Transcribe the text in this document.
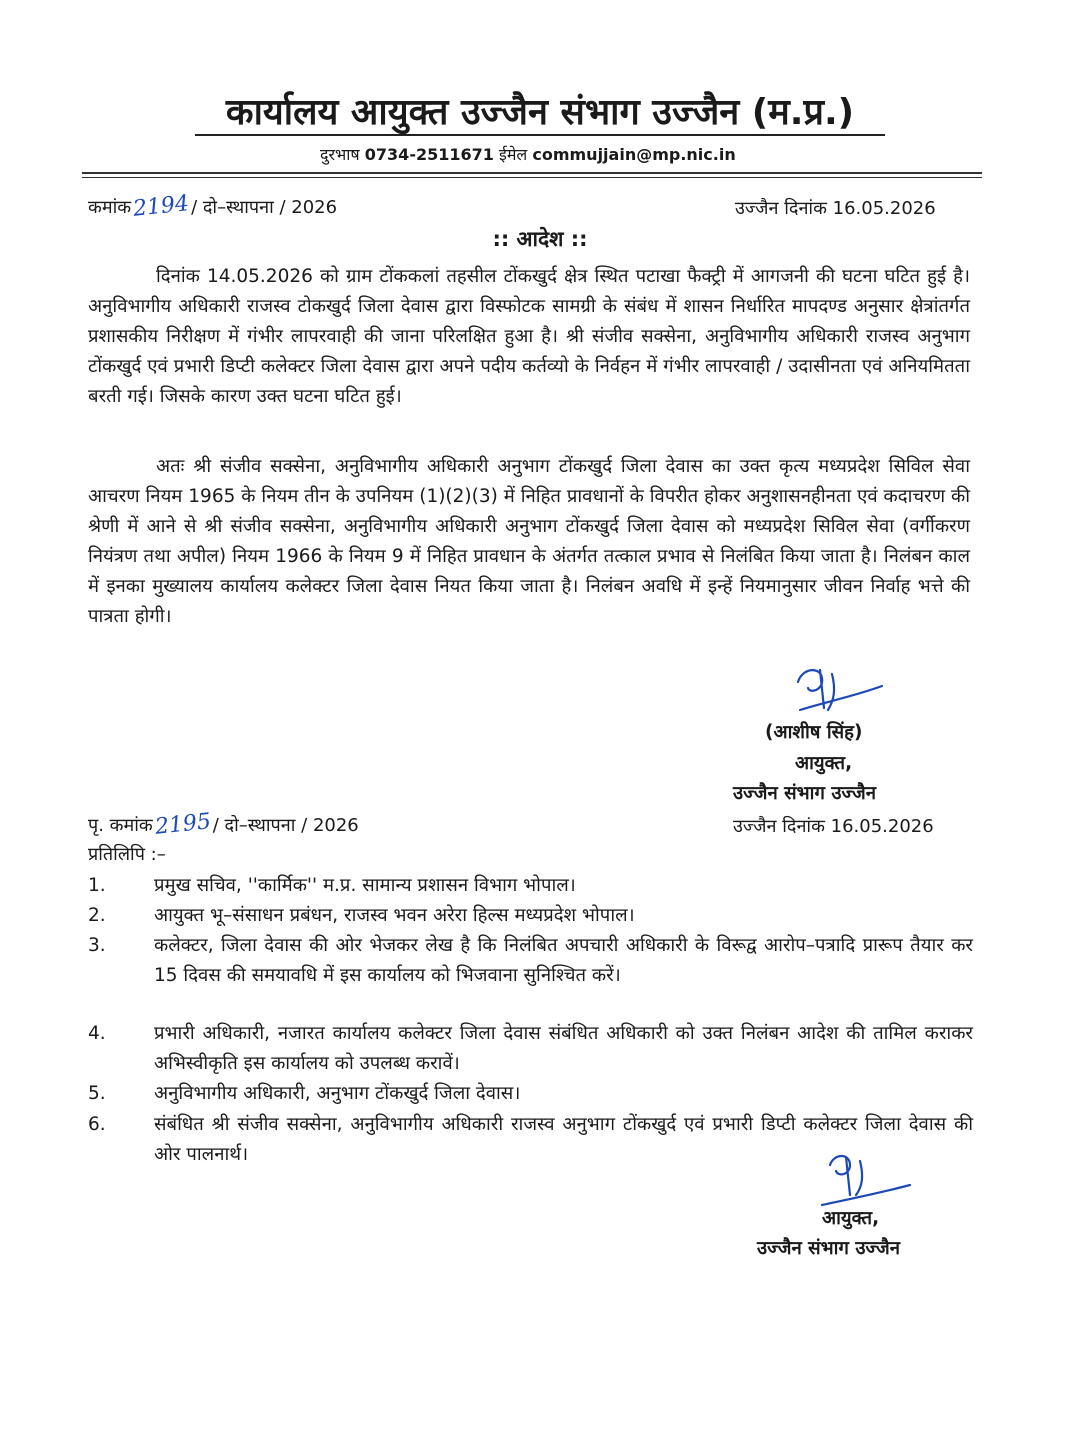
कार्यालय आयुक्त उज्जैन संभाग उज्जैन (म.प्र.)
दुरभाष 0734-2511671 ईमेल commujjain@mp.nic.in
कमांक2194/ दो–स्थापना / 2026	उज्जैन दिनांक 16.05.2026
:: आदेश ::
दिनांक 14.05.2026 को ग्राम टोंककलां तहसील टोंकखुर्द क्षेत्र स्थित पटाखा फैक्ट्री में आगजनी की घटना घटित हुई है। अनुविभागीय अधिकारी राजस्व टोकखुर्द जिला देवास द्वारा विस्फोटक सामग्री के संबंध में शासन निर्धारित मापदण्ड अनुसार क्षेत्रांतर्गत प्रशासकीय निरीक्षण में गंभीर लापरवाही की जाना परिलक्षित हुआ है। श्री संजीव सक्सेना, अनुविभागीय अधिकारी राजस्व अनुभाग टोंकखुर्द एवं प्रभारी डिप्टी कलेक्टर जिला देवास द्वारा अपने पदीय कर्तव्यो के निर्वहन में गंभीर लापरवाही / उदासीनता एवं अनियमितता बरती गई। जिसके कारण उक्त घटना घटित हुई।
अतः श्री संजीव सक्सेना, अनुविभागीय अधिकारी अनुभाग टोंकखुर्द जिला देवास का उक्त कृत्य मध्यप्रदेश सिविल सेवा आचरण नियम 1965 के नियम तीन के उपनियम (1)(2)(3) में निहित प्रावधानों के विपरीत होकर अनुशासनहीनता एवं कदाचरण की श्रेणी में आने से श्री संजीव सक्सेना, अनुविभागीय अधिकारी अनुभाग टोंकखुर्द जिला देवास को मध्यप्रदेश सिविल सेवा (वर्गीकरण नियंत्रण तथा अपील) नियम 1966 के नियम 9 में निहित प्रावधान के अंतर्गत तत्काल प्रभाव से निलंबित किया जाता है। निलंबन काल में इनका मुख्यालय कार्यालय कलेक्टर जिला देवास नियत किया जाता है। निलंबन अवधि में इन्हें नियमानुसार जीवन निर्वाह भत्ते की पात्रता होगी।
(आशीष सिंह)
आयुक्त,
उज्जैन संभाग उज्जैन
पृ. कमांक2195/ दो–स्थापना / 2026	उज्जैन दिनांक 16.05.2026
प्रतिलिपि :–
1.	प्रमुख सचिव, ''कार्मिक'' म.प्र. सामान्य प्रशासन विभाग भोपाल।
2.	आयुक्त भू–संसाधन प्रबंधन, राजस्व भवन अरेरा हिल्स मध्यप्रदेश भोपाल।
3.	कलेक्टर, जिला देवास की ओर भेजकर लेख है कि निलंबित अपचारी अधिकारी के विरूद्व आरोप–पत्रादि प्रारूप तैयार कर 15 दिवस की समयावधि में इस कार्यालय को भिजवाना सुनिश्चित करें।
4.	प्रभारी अधिकारी, नजारत कार्यालय कलेक्टर जिला देवास संबंधित अधिकारी को उक्त निलंबन आदेश की तामिल कराकर अभिस्वीकृति इस कार्यालय को उपलब्ध करावें।
5.	अनुविभागीय अधिकारी, अनुभाग टोंकखुर्द जिला देवास।
6.	संबंधित श्री संजीव सक्सेना, अनुविभागीय अधिकारी राजस्व अनुभाग टोंकखुर्द एवं प्रभारी डिप्टी कलेक्टर जिला देवास की ओर पालनार्थ।
आयुक्त,
उज्जैन संभाग उज्जैन
